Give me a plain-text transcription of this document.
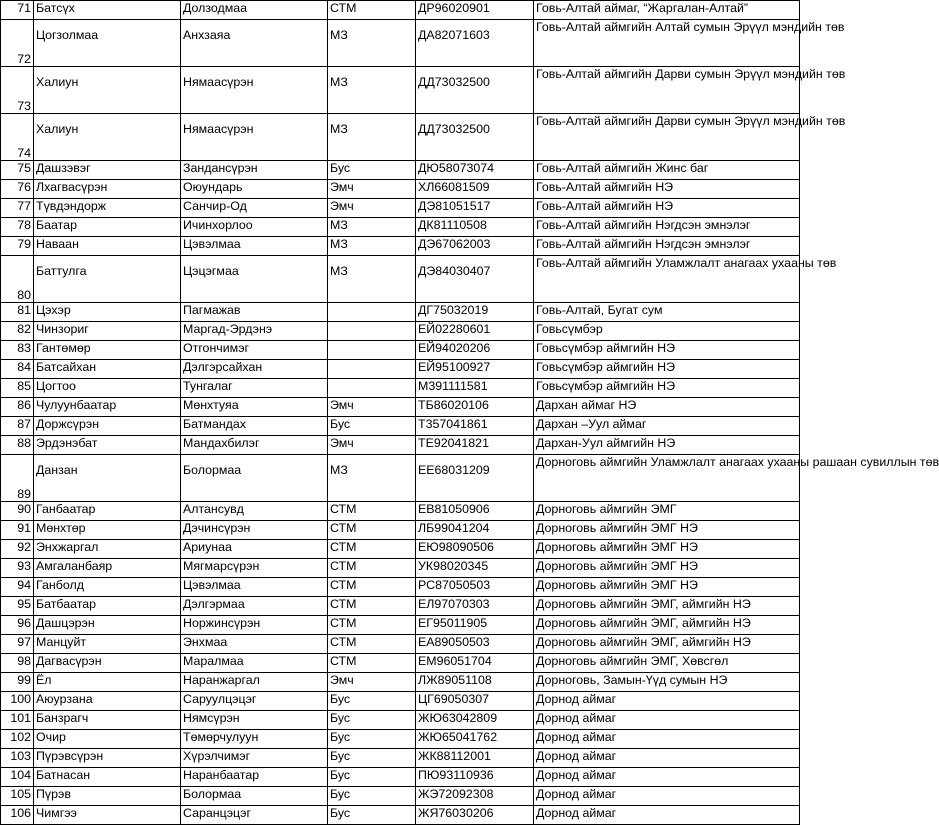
71	Батсүх	Долзодмаа	СТМ	ДР96020901	Говь-Алтай аймаг, “Жаргалан-Алтай”
72	Цогзолмаа	Анхзаяа	МЗ	ДА82071603	Говь-Алтай аймгийн Алтай сумын Эрүүл мэндийн төв
73	Халиун	Нямаасүрэн	МЗ	ДД73032500	Говь-Алтай аймгийн Дарви сумын Эрүүл мэндийн төв
74	Халиун	Нямаасүрэн	МЗ	ДД73032500	Говь-Алтай аймгийн Дарви сумын Эрүүл мэндийн төв
75	Дашзэвэг	Зандансүрэн	Бус	ДЮ58073074	Говь-Алтай аймгийн Жинс баг
76	Лхагвасүрэн	Оюундарь	Эмч	ХЛ66081509	Говь-Алтай аймгийн НЭ
77	Түвдэндорж	Санчир-Од	Эмч	ДЭ81051517	Говь-Алтай аймгийн НЭ
78	Баатар	Ичинхорлоо	МЗ	ДК81110508	Говь-Алтай аймгийн Нэгдсэн эмнэлэг
79	Наваан	Цэвэлмаа	МЗ	ДЭ67062003	Говь-Алтай аймгийн Нэгдсэн эмнэлэг
80	Баттулга	Цэцэгмаа	МЗ	ДЭ84030407	Говь-Алтай аймгийн Уламжлалт анагаах ухааны төв
81	Цэхэр	Пагмажав		ДГ75032019	Говь-Алтай, Бугат сум
82	Чинзориг	Маргад-Эрдэнэ		ЕЙ02280601	Говьсүмбэр
83	Гантөмөр	Отгончимэг		ЕЙ94020206	Говьсүмбэр аймгийн НЭ
84	Батсайхан	Дэлгэрсайхан		ЕЙ95100927	Говьсүмбэр аймгийн НЭ
85	Цогтоо	Тунгалаг		М391111581	Говьсүмбэр аймгийн НЭ
86	Чулуунбаатар	Мөнхтуяа	Эмч	ТБ86020106	Дархан аймаг НЭ
87	Доржсүрэн	Батмандах	Бус	Т357041861	Дархан –Уул аймаг
88	Эрдэнэбат	Мандахбилэг	Эмч	ТЕ92041821	Дархан-Уул аймгийн НЭ
89	Данзан	Болормаа	МЗ	ЕЕ68031209	Дорноговь аймгийн Уламжлалт анагаах ухааны рашаан сувиллын төв
90	Ганбаатар	Алтансувд	СТМ	ЕВ81050906	Дорноговь аймгийн ЭМГ
91	Мөнхтөр	Дэчинсүрэн	СТМ	ЛБ99041204	Дорноговь аймгийн ЭМГ НЭ
92	Энхжаргал	Ариунаа	СТМ	ЕЮ98090506	Дорноговь аймгийн ЭМГ НЭ
93	Амгаланбаяр	Мягмарсүрэн	СТМ	УК98020345	Дорноговь аймгийн ЭМГ НЭ
94	Ганболд	Цэвэлмаа	СТМ	РС87050503	Дорноговь аймгийн ЭМГ НЭ
95	Батбаатар	Дэлгэрмаа	СТМ	ЕЛ97070303	Дорноговь аймгийн ЭМГ, аймгийн НЭ
96	Дашцэрэн	Норжинсүрэн	СТМ	ЕГ95011905	Дорноговь аймгийн ЭМГ, аймгийн НЭ
97	Манцуйт	Энхмаа	СТМ	ЕА89050503	Дорноговь аймгийн ЭМГ, аймгийн НЭ
98	Дагвасүрэн	Маралмаа	СТМ	ЕМ96051704	Дорноговь аймгийн ЭМГ, Хөвсгөл
99	Ёл	Наранжаргал	Эмч	ЛЖ89051108	Дорноговь, Замын-Үүд сумын НЭ
100	Аюурзана	Саруулцэцэг	Бус	ЦГ69050307	Дорнод аймаг
101	Банзрагч	Нямсүрэн	Бус	ЖЮ63042809	Дорнод аймаг
102	Очир	Төмөрчулуун	Бус	ЖЮ65041762	Дорнод аймаг
103	Пүрэвсүрэн	Хүрэлчимэг	Бус	ЖК88112001	Дорнод аймаг
104	Батнасан	Наранбаатар	Бус	ПЮ93110936	Дорнод аймаг
105	Пүрэв	Болормаа	Бус	ЖЭ72092308	Дорнод аймаг
106	Чимгээ	Саранцэцэг	Бус	ЖЯ76030206	Дорнод аймаг
